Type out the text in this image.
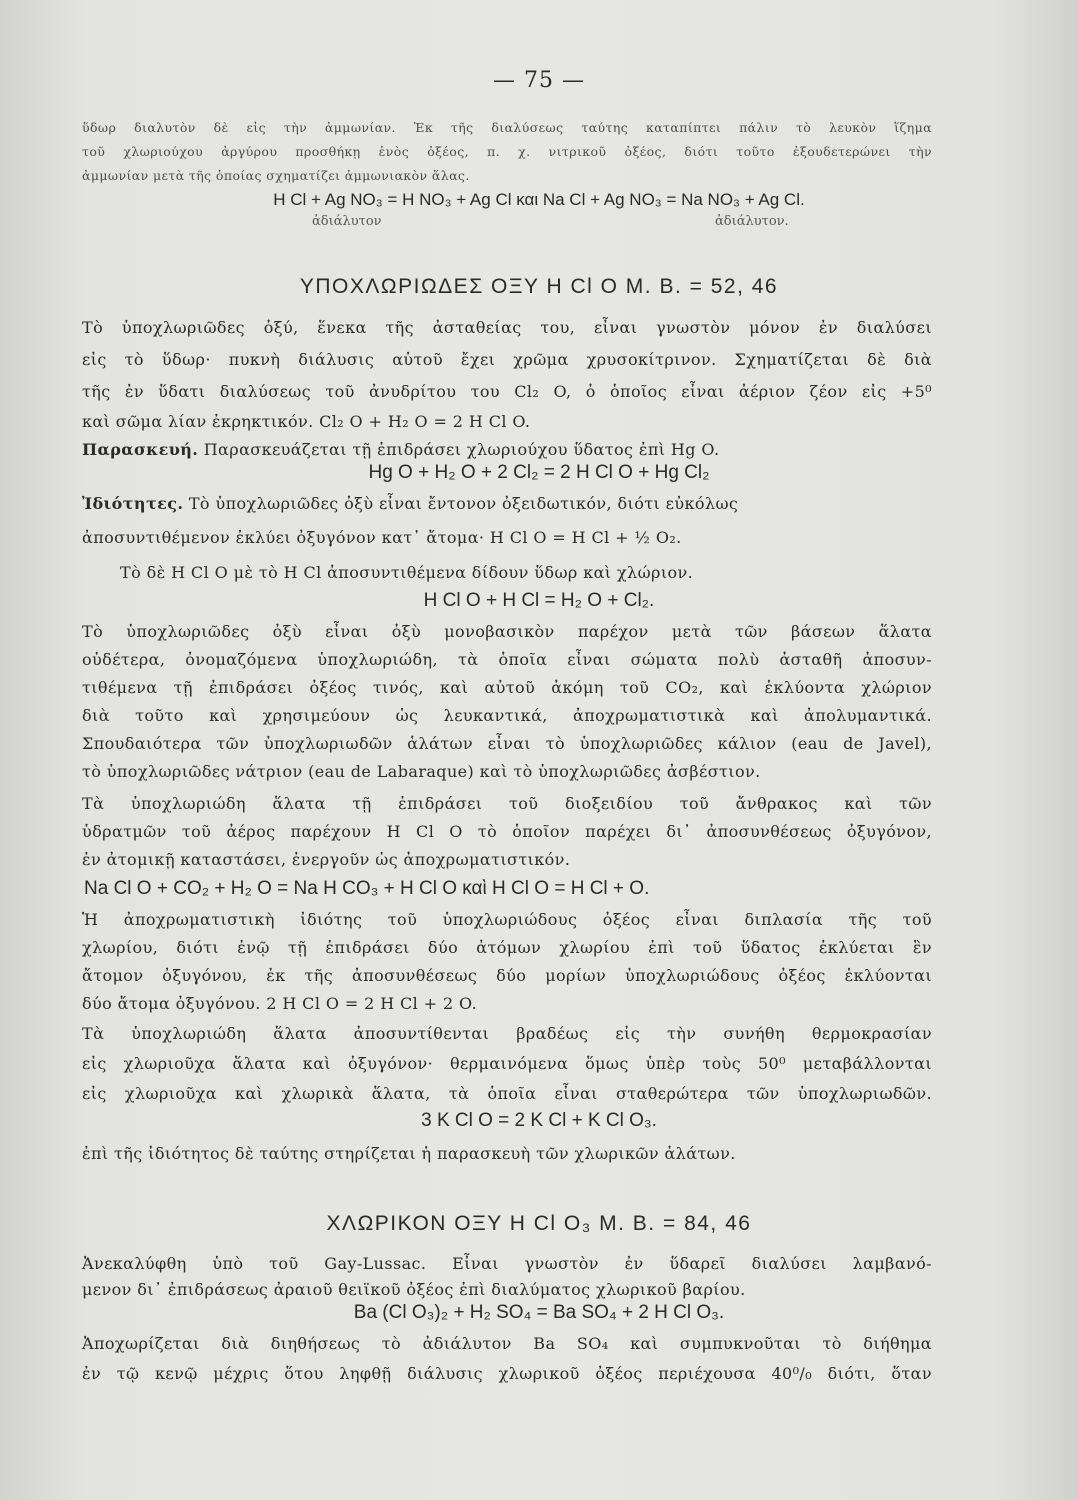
— 75 —
ὕδωρ διαλυτὸν δὲ εἰς τὴν ἀμμωνίαν. Ἐκ τῆς διαλύσεως ταύτης καταπίπτει πάλιν τὸ λευκὸν ἵζημα
τοῦ χλωριούχου ἀργύρου προσθήκῃ ἑνὸς ὀξέος, π. χ. νιτρικοῦ ὀξέος, διότι τοῦτο ἐξουδετερώνει τὴν
ἀμμωνίαν μετὰ τῆς ὁποίας σχηματίζει ἀμμωνιακὸν ἅλας.
H Cl + Ag NO₃ = H NO₃ + Ag Cl και Na Cl + Ag NO₃ = Na NO₃ + Ag Cl.
ἀδιάλυτον	ἀδιάλυτον.
ΥΠΟΧΛΩΡΙΩΔΕΣ ΟΞΥ H Cl O M. B. = 52, 46
Τὸ ὑποχλωριῶδες ὀξύ, ἕνεκα τῆς ἀσταθείας του, εἶναι γνωστὸν μόνον ἐν διαλύσει
εἰς τὸ ὕδωρ· πυκνὴ διάλυσις αὐτοῦ ἔχει χρῶμα χρυσοκίτρινον. Σχηματίζεται δὲ διὰ
τῆς ἐν ὕδατι διαλύσεως τοῦ ἀνυδρίτου του Cl₂ O, ὁ ὁποῖος εἶναι ἀέριον ζέον εἰς +5⁰
καὶ σῶμα λίαν ἐκρηκτικόν. Cl₂ O + H₂ O = 2 H Cl O.
Παρασκευή. Παρασκευάζεται τῇ ἐπιδράσει χλωριούχου ὕδατος ἐπὶ Hg O.
Hg O + H₂ O + 2 Cl₂ = 2 H Cl O + Hg Cl₂
Ἰδιότητες. Τὸ ὑποχλωριῶδες ὀξὺ εἶναι ἔντονον ὀξειδωτικόν, διότι εὐκόλως
ἀποσυντιθέμενον ἐκλύει ὀξυγόνον κατ᾽ ἄτομα· H Cl O = H Cl + ½ O₂.
Τὸ δὲ H Cl O μὲ τὸ H Cl ἀποσυντιθέμενα δίδουν ὕδωρ καὶ χλώριον.
H Cl O + H Cl = H₂ O + Cl₂.
Τὸ ὑποχλωριῶδες ὀξὺ εἶναι ὀξὺ μονοβασικὸν παρέχον μετὰ τῶν βάσεων ἅλατα
οὐδέτερα, ὀνομαζόμενα ὑποχλωριώδη, τὰ ὁποῖα εἶναι σώματα πολὺ ἀσταθῆ ἀποσυν-
τιθέμενα τῇ ἐπιδράσει ὀξέος τινός, καὶ αὐτοῦ ἀκόμη τοῦ CO₂, καὶ ἐκλύοντα χλώριον
διὰ τοῦτο καὶ χρησιμεύουν ὡς λευκαντικά, ἀποχρωματιστικὰ καὶ ἀπολυμαντικά.
Σπουδαιότερα τῶν ὑποχλωριωδῶν ἁλάτων εἶναι τὸ ὑποχλωριῶδες κάλιον (eau de Javel),
τὸ ὑποχλωριῶδες νάτριον (eau de Labaraque) καὶ τὸ ὑποχλωριῶδες ἀσβέστιον.
Τὰ ὑποχλωριώδη ἅλατα τῇ ἐπιδράσει τοῦ διοξειδίου τοῦ ἄνθρακος καὶ τῶν
ὑδρατμῶν τοῦ ἀέρος παρέχουν H Cl O τὸ ὁποῖον παρέχει δι᾽ ἀποσυνθέσεως ὀξυγόνον,
ἐν ἀτομικῇ καταστάσει, ἐνεργοῦν ὡς ἀποχρωματιστικόν.
Na Cl O + CO₂ + H₂ O = Na H CO₃ + H Cl O καὶ H Cl O = H Cl + O.
Ἡ ἀποχρωματιστικὴ ἰδιότης τοῦ ὑποχλωριώδους ὀξέος εἶναι διπλασία τῆς τοῦ
χλωρίου, διότι ἐνῷ τῇ ἐπιδράσει δύο ἀτόμων χλωρίου ἐπὶ τοῦ ὕδατος ἐκλύεται ἓν
ἄτομον ὀξυγόνου, ἐκ τῆς ἀποσυνθέσεως δύο μορίων ὑποχλωριώδους ὀξέος ἐκλύονται
δύο ἄτομα ὀξυγόνου. 2 H Cl O = 2 H Cl + 2 O.
Τὰ ὑποχλωριώδη ἅλατα ἀποσυντίθενται βραδέως εἰς τὴν συνήθη θερμοκρασίαν
εἰς χλωριοῦχα ἅλατα καὶ ὀξυγόνον· θερμαινόμενα ὅμως ὑπὲρ τοὺς 50⁰ μεταβάλλονται
εἰς χλωριοῦχα καὶ χλωρικὰ ἅλατα, τὰ ὁποῖα εἶναι σταθερώτερα τῶν ὑποχλωριωδῶν.
3 K Cl O = 2 K Cl + K Cl O₃.
ἐπὶ τῆς ἰδιότητος δὲ ταύτης στηρίζεται ἡ παρασκευὴ τῶν χλωρικῶν ἁλάτων.
ΧΛΩΡΙΚΟΝ ΟΞΥ H Cl O₃ M. B. = 84, 46
Ἀνεκαλύφθη ὑπὸ τοῦ Gay-Lussac. Εἶναι γνωστὸν ἐν ὕδαρεῖ διαλύσει λαμβανό-
μενον δι᾽ ἐπιδράσεως ἀραιοῦ θειϊκοῦ ὀξέος ἐπὶ διαλύματος χλωρικοῦ βαρίου.
Ba (Cl O₃)₂ + H₂ SO₄ = Ba SO₄ + 2 H Cl O₃.
Ἀποχωρίζεται διὰ διηθήσεως τὸ ἀδιάλυτον Ba SO₄ καὶ συμπυκνοῦται τὸ διήθημα
ἐν τῷ κενῷ μέχρις ὅτου ληφθῇ διάλυσις χλωρικοῦ ὀξέος περιέχουσα 40⁰/₀ διότι, ὅταν
